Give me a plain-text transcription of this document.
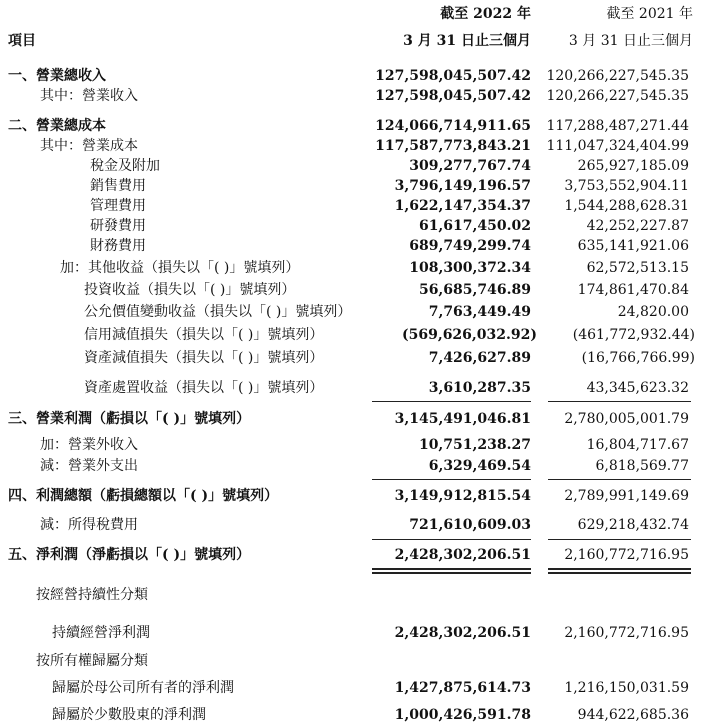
截至 2022 年	截至 2021 年
項目	3 月 31 日止三個月	3 月 31 日止三個月
一、營業總收入	127,598,045,507.42 120,266,227,545.35
其中：營業收入	127,598,045,507.42 120,266,227,545.35
二、營業總成本	124,066,714,911.65 117,288,487,271.44
其中：營業成本	117,587,773,843.21 111,047,324,404.99
稅金及附加	309,277,767.74	265,927,185.09
銷售費用	3,796,149,196.57 3,753,552,904.11
管理費用	1,622,147,354.37 1,544,288,628.31
研發費用	61,617,450.02	42,252,227.87
財務費用	689,749,299.74	635,141,921.06
加：其他收益（損失以「( )」號填列）	108,300,372.34	62,572,513.15
投資收益（損失以「( )」號填列）	56,685,746.89	174,861,470.84
公允價值變動收益（損失以「( )」號填列）	7,763,449.49	24,820.00
信用減值損失（損失以「( )」號填列）	(569,626,032.92)	(461,772,932.44)
資產減值損失（損失以「( )」號填列）	7,426,627.89	(16,766,766.99)
資產處置收益（損失以「( )」號填列）	3,610,287.35	43,345,623.32
三、營業利潤（虧損以「( )」號填列）	3,145,491,046.81 2,780,005,001.79
加：營業外收入	10,751,238.27	16,804,717.67
減：營業外支出	6,329,469.54	6,818,569.77
四、利潤總額（虧損總額以「( )」號填列）	3,149,912,815.54 2,789,991,149.69
減：所得稅費用	721,610,609.03	629,218,432.74
五、淨利潤（淨虧損以「( )」號填列）	2,428,302,206.51 2,160,772,716.95
按經營持續性分類
持續經營淨利潤	2,428,302,206.51 2,160,772,716.95
按所有權歸屬分類
歸屬於母公司所有者的淨利潤	1,427,875,614.73 1,216,150,031.59
歸屬於少數股東的淨利潤	1,000,426,591.78	944,622,685.36
